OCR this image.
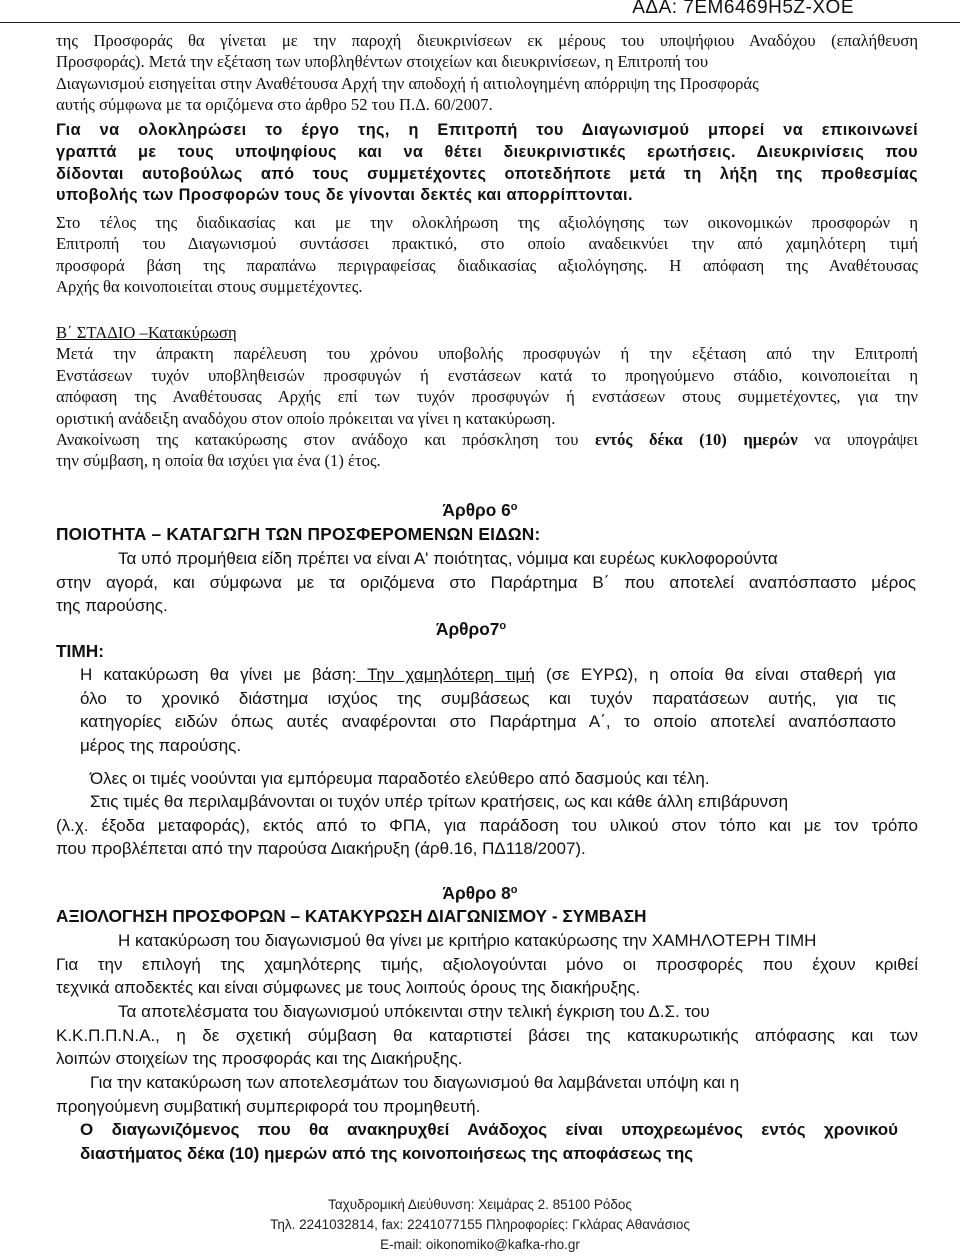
ΑΔΑ: 7ΕΜ6469Η5Ζ-ΧΟΕ
της Προσφοράς θα γίνεται με την παροχή διευκρινίσεων εκ μέρους του υποψήφιου Αναδόχου (επαλήθευση
Προσφοράς). Μετά την εξέταση των υποβληθέντων στοιχείων και διευκρινίσεων, η Επιτροπή του
Διαγωνισμού εισηγείται στην Αναθέτουσα Αρχή την αποδοχή ή αιτιολογημένη απόρριψη της Προσφοράς
αυτής σύμφωνα με τα οριζόμενα στο άρθρο 52 του Π.Δ. 60/2007.
Για να ολοκληρώσει το έργο της, η Επιτροπή του Διαγωνισμού μπορεί να επικοινωνεί
γραπτά με τους υποψηφίους και να θέτει διευκρινιστικές ερωτήσεις. Διευκρινίσεις που
δίδονται αυτοβούλως από τους συμμετέχοντες οποτεδήποτε μετά τη λήξη της προθεσμίας
υποβολής των Προσφορών τους δε γίνονται δεκτές και απορρίπτονται.
Στο τέλος της διαδικασίας και με την ολοκλήρωση της αξιολόγησης των οικονομικών προσφορών η
Επιτροπή του Διαγωνισμού συντάσσει πρακτικό, στο οποίο αναδεικνύει την από χαμηλότερη τιμή
προσφορά βάση της παραπάνω περιγραφείσας διαδικασίας αξιολόγησης. Η απόφαση της Αναθέτουσας
Αρχής θα κοινοποιείται στους συμμετέχοντες.
Β΄ ΣΤΑΔΙΟ –Κατακύρωση
Μετά την άπρακτη παρέλευση του χρόνου υποβολής προσφυγών ή την εξέταση από την Επιτροπή
Ενστάσεων τυχόν υποβληθεισών προσφυγών ή ενστάσεων κατά το προηγούμενο στάδιο, κοινοποιείται η
απόφαση της Αναθέτουσας Αρχής επί των τυχόν προσφυγών ή ενστάσεων στους συμμετέχοντες, για την
οριστική ανάδειξη αναδόχου στον οποίο πρόκειται να γίνει η κατακύρωση.
Ανακοίνωση της κατακύρωσης στον ανάδοχο και πρόσκληση του εντός δέκα (10) ημερών να υπογράψει
την σύμβαση, η οποία θα ισχύει για ένα (1) έτος.
Άρθρο $6^o$
ΠΟΙΟΤΗΤΑ – ΚΑΤΑΓΩΓΗ ΤΩΝ ΠΡΟΣΦΕΡΟΜΕΝΩΝ ΕΙΔΩΝ:
Τα υπό προμήθεια είδη πρέπει να είναι Α' ποιότητας, νόμιμα και ευρέως κυκλοφορούντα
στην αγορά, και σύμφωνα με τα οριζόμενα στο Παράρτημα Β΄ που αποτελεί αναπόσπαστο μέρος
της παρούσης.
$Ά\rho\theta\rho o7^o$
ΤΙΜΗ:
Η κατακύρωση θα γίνει με βάση: Την χαμηλότερη τιμή (σε ΕΥΡΩ), η οποία θα είναι σταθερή για
όλο το χρονικό διάστημα ισχύος της συμβάσεως και τυχόν παρατάσεων αυτής, για τις
κατηγορίες ειδών όπως αυτές αναφέρονται στο Παράρτημα Α΄, το οποίο αποτελεί αναπόσπαστο
μέρος της παρούσης.
Όλες οι τιμές νοούνται για εμπόρευμα παραδοτέο ελεύθερο από δασμούς και τέλη.
Στις τιμές θα περιλαμβάνονται οι τυχόν υπέρ τρίτων κρατήσεις, ως και κάθε άλλη επιβάρυνση
(λ.χ. έξοδα μεταφοράς), εκτός από το ΦΠΑ, για παράδοση του υλικού στον τόπο και με τον τρόπο
που προβλέπεται από την παρούσα Διακήρυξη (άρθ.16, ΠΔ118/2007).
Άρθρο $8^o$
ΑΞΙΟΛΟΓΗΣΗ ΠΡΟΣΦΟΡΩΝ – ΚΑΤΑΚΥΡΩΣΗ ΔΙΑΓΩΝΙΣΜΟΥ - ΣΥΜΒΑΣΗ
Η κατακύρωση του διαγωνισμού θα γίνει με κριτήριο κατακύρωσης την ΧΑΜΗΛΟΤΕΡΗ ΤΙΜΗ
Για την επιλογή της χαμηλότερης τιμής, αξιολογούνται μόνο οι προσφορές που έχουν κριθεί
τεχνικά αποδεκτές και είναι σύμφωνες με τους λοιπούς όρους της διακήρυξης.
Τα αποτελέσματα του διαγωνισμού υπόκεινται στην τελική έγκριση του Δ.Σ. του
Κ.Κ.Π.Π.Ν.Α., η δε σχετική σύμβαση θα καταρτιστεί βάσει της κατακυρωτικής απόφασης και των
λοιπών στοιχείων της προσφοράς και της Διακήρυξης.
Για την κατακύρωση των αποτελεσμάτων του διαγωνισμού θα λαμβάνεται υπόψη και η
προηγούμενη συμβατική συμπεριφορά του προμηθευτή.
Ο διαγωνιζόμενος που θα ανακηρυχθεί Ανάδοχος είναι υποχρεωμένος εντός χρονικού
διαστήματος δέκα (10) ημερών από της κοινοποιήσεως της αποφάσεως της
Ταχυδρομική Διεύθυνση: Χειμάρας 2. 85100 Ρόδος
Τηλ. 2241032814, fax: 2241077155 Πληροφορίες: Γκλάρας Αθανάσιος
E-mail: oikonomiko@kafka-rho.gr
